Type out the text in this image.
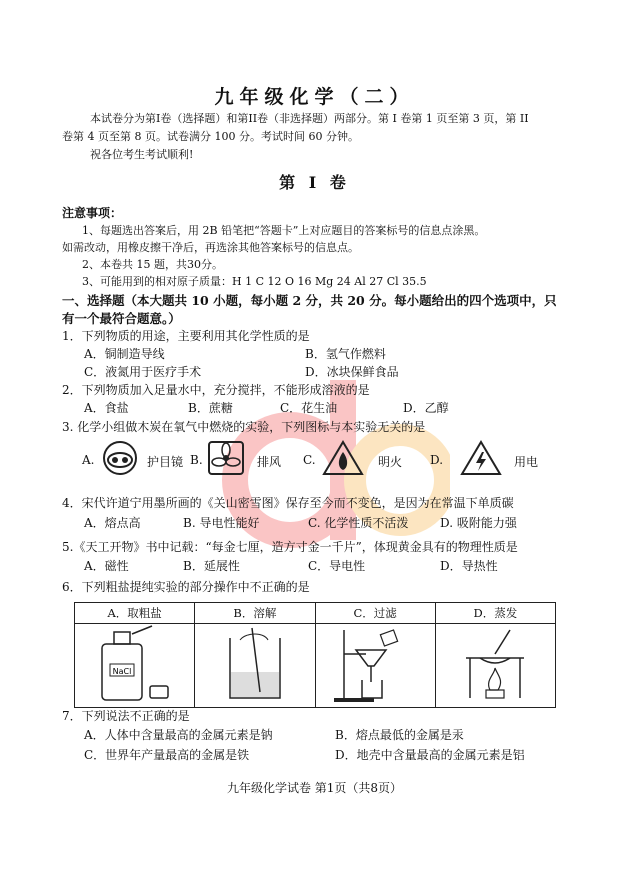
九年级化学（二）
本试卷分为第I卷（选择题）和第II卷（非选择题）两部分。第 I 卷第 1 页至第 3 页，第 II
卷第 4 页至第 8 页。试卷满分 100 分。考试时间 60 分钟。
祝各位考生考试顺利!
第 I 卷
注意事项：
1、每题选出答案后，用 2B 铅笔把“答题卡”上对应题目的答案标号的信息点涂黑。
如需改动，用橡皮擦干净后，再选涂其他答案标号的信息点。
2、本卷共 15 题，共30分。
3、可能用到的相对原子质量：H 1 C 12 O 16 Mg 24 Al 27 Cl 35.5
一、选择题（本大题共 10 小题，每小题 2 分，共 20 分。每小题给出的四个选项中，只
有一个最符合题意。）
1．下列物质的用途，主要利用其化学性质的是
A．铜制造导线	B．氢气作燃料
C．液氮用于医疗手术	D．冰块保鲜食品
2．下列物质加入足量水中，充分搅拌，不能形成溶液的是
A．食盐	B．蔗糖	C．花生油	D．乙醇
3. 化学小组做木炭在氧气中燃烧的实验，下列图标与本实验无关的是
A.	护目镜 B.	排风 C.	明火 D.	用电
4．宋代许道宁用墨所画的《关山密雪图》保存至今而不变色，是因为在常温下单质碳
A．熔点高	B. 导电性能好	C. 化学性质不活泼	D. 吸附能力强
5.《天工开物》书中记载：“每金七厘，造方寸金一千片”，体现黄金具有的物理性质是
A．磁性	B．延展性	C．导电性	D．导热性
6．下列粗盐提纯实验的部分操作中不正确的是
A．取粗盐	B．溶解	C．过滤	D．蒸发

NaCl

7．下列说法不正确的是
A．人体中含量最高的金属元素是钠	B．熔点最低的金属是汞
C．世界年产量最高的金属是铁	D．地壳中含量最高的金属元素是铝
九年级化学试卷 第1页（共8页）
